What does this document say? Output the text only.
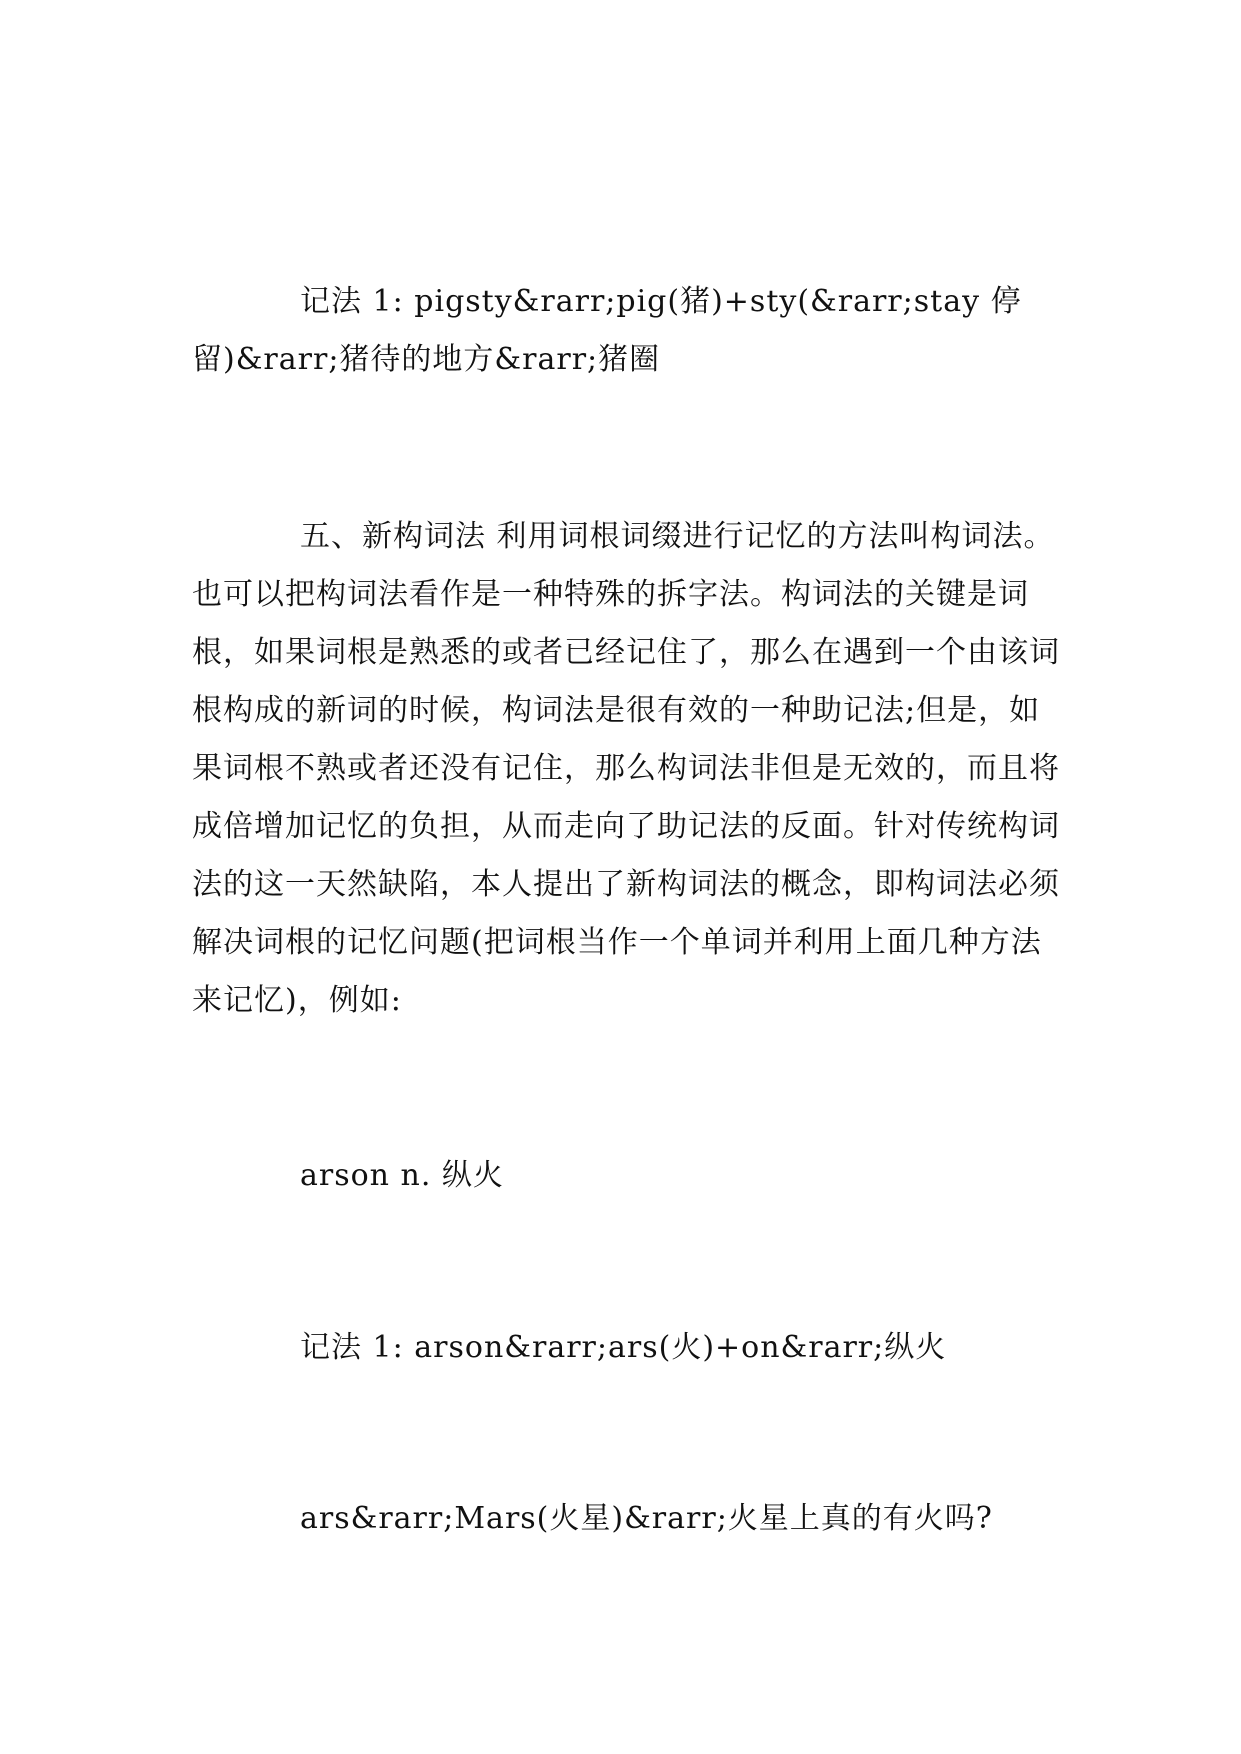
记法 1: pigsty&rarr;pig(猪)+sty(&rarr;stay 停留)&rarr;猪待的地方&rarr;猪圈

五、新构词法 利用词根词缀进行记忆的方法叫构词法。也可以把构词法看作是一种特殊的拆字法。构词法的关键是词根，如果词根是熟悉的或者已经记住了，那么在遇到一个由该词根构成的新词的时候，构词法是很有效的一种助记法;但是，如果词根不熟或者还没有记住，那么构词法非但是无效的，而且将成倍增加记忆的负担，从而走向了助记法的反面。针对传统构词法的这一天然缺陷，本人提出了新构词法的概念，即构词法必须解决词根的记忆问题(把词根当作一个单词并利用上面几种方法来记忆)，例如:

arson n. 纵火

记法 1: arson&rarr;ars(火)+on&rarr;纵火

ars&rarr;Mars(火星)&rarr;火星上真的有火吗?
